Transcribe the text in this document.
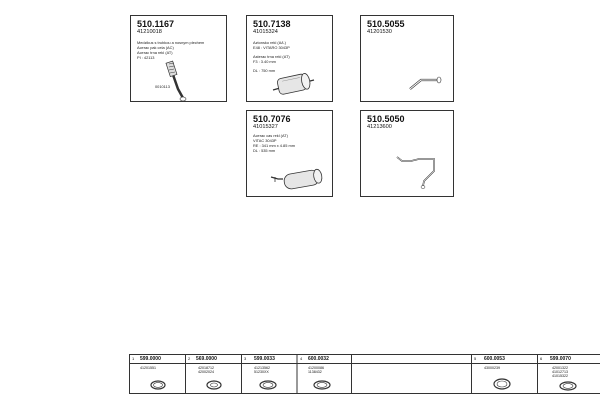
510.1167
41210018
Medzikus s trubkou a nosnym plechem
Acerac pak cela (AC)
Acerac trna rekl (AT)
PI : 42113
0010113
510.7138
41015324
Aztonsko rekl (A/L)
E48 : VITARO 3043P
Asterac trna rekl (AT)
F3 : 3.40 mm
DL : 750 mm
510.5055
41201530
510.7076
41015327
Acerac cas rekl (AT)
VITAC 3043P
RE : 341 mm x 4.85 mm
DL : 535 mm
510.5050
41213600
1 599.0000
41201551
2 569.0000
42018712
42002024
3 599.0033
41213562
51230XX
4 600.0032
41200086
1138432
5 600.0053
43000239
6 599.0070
42001322
41012713
41015322
